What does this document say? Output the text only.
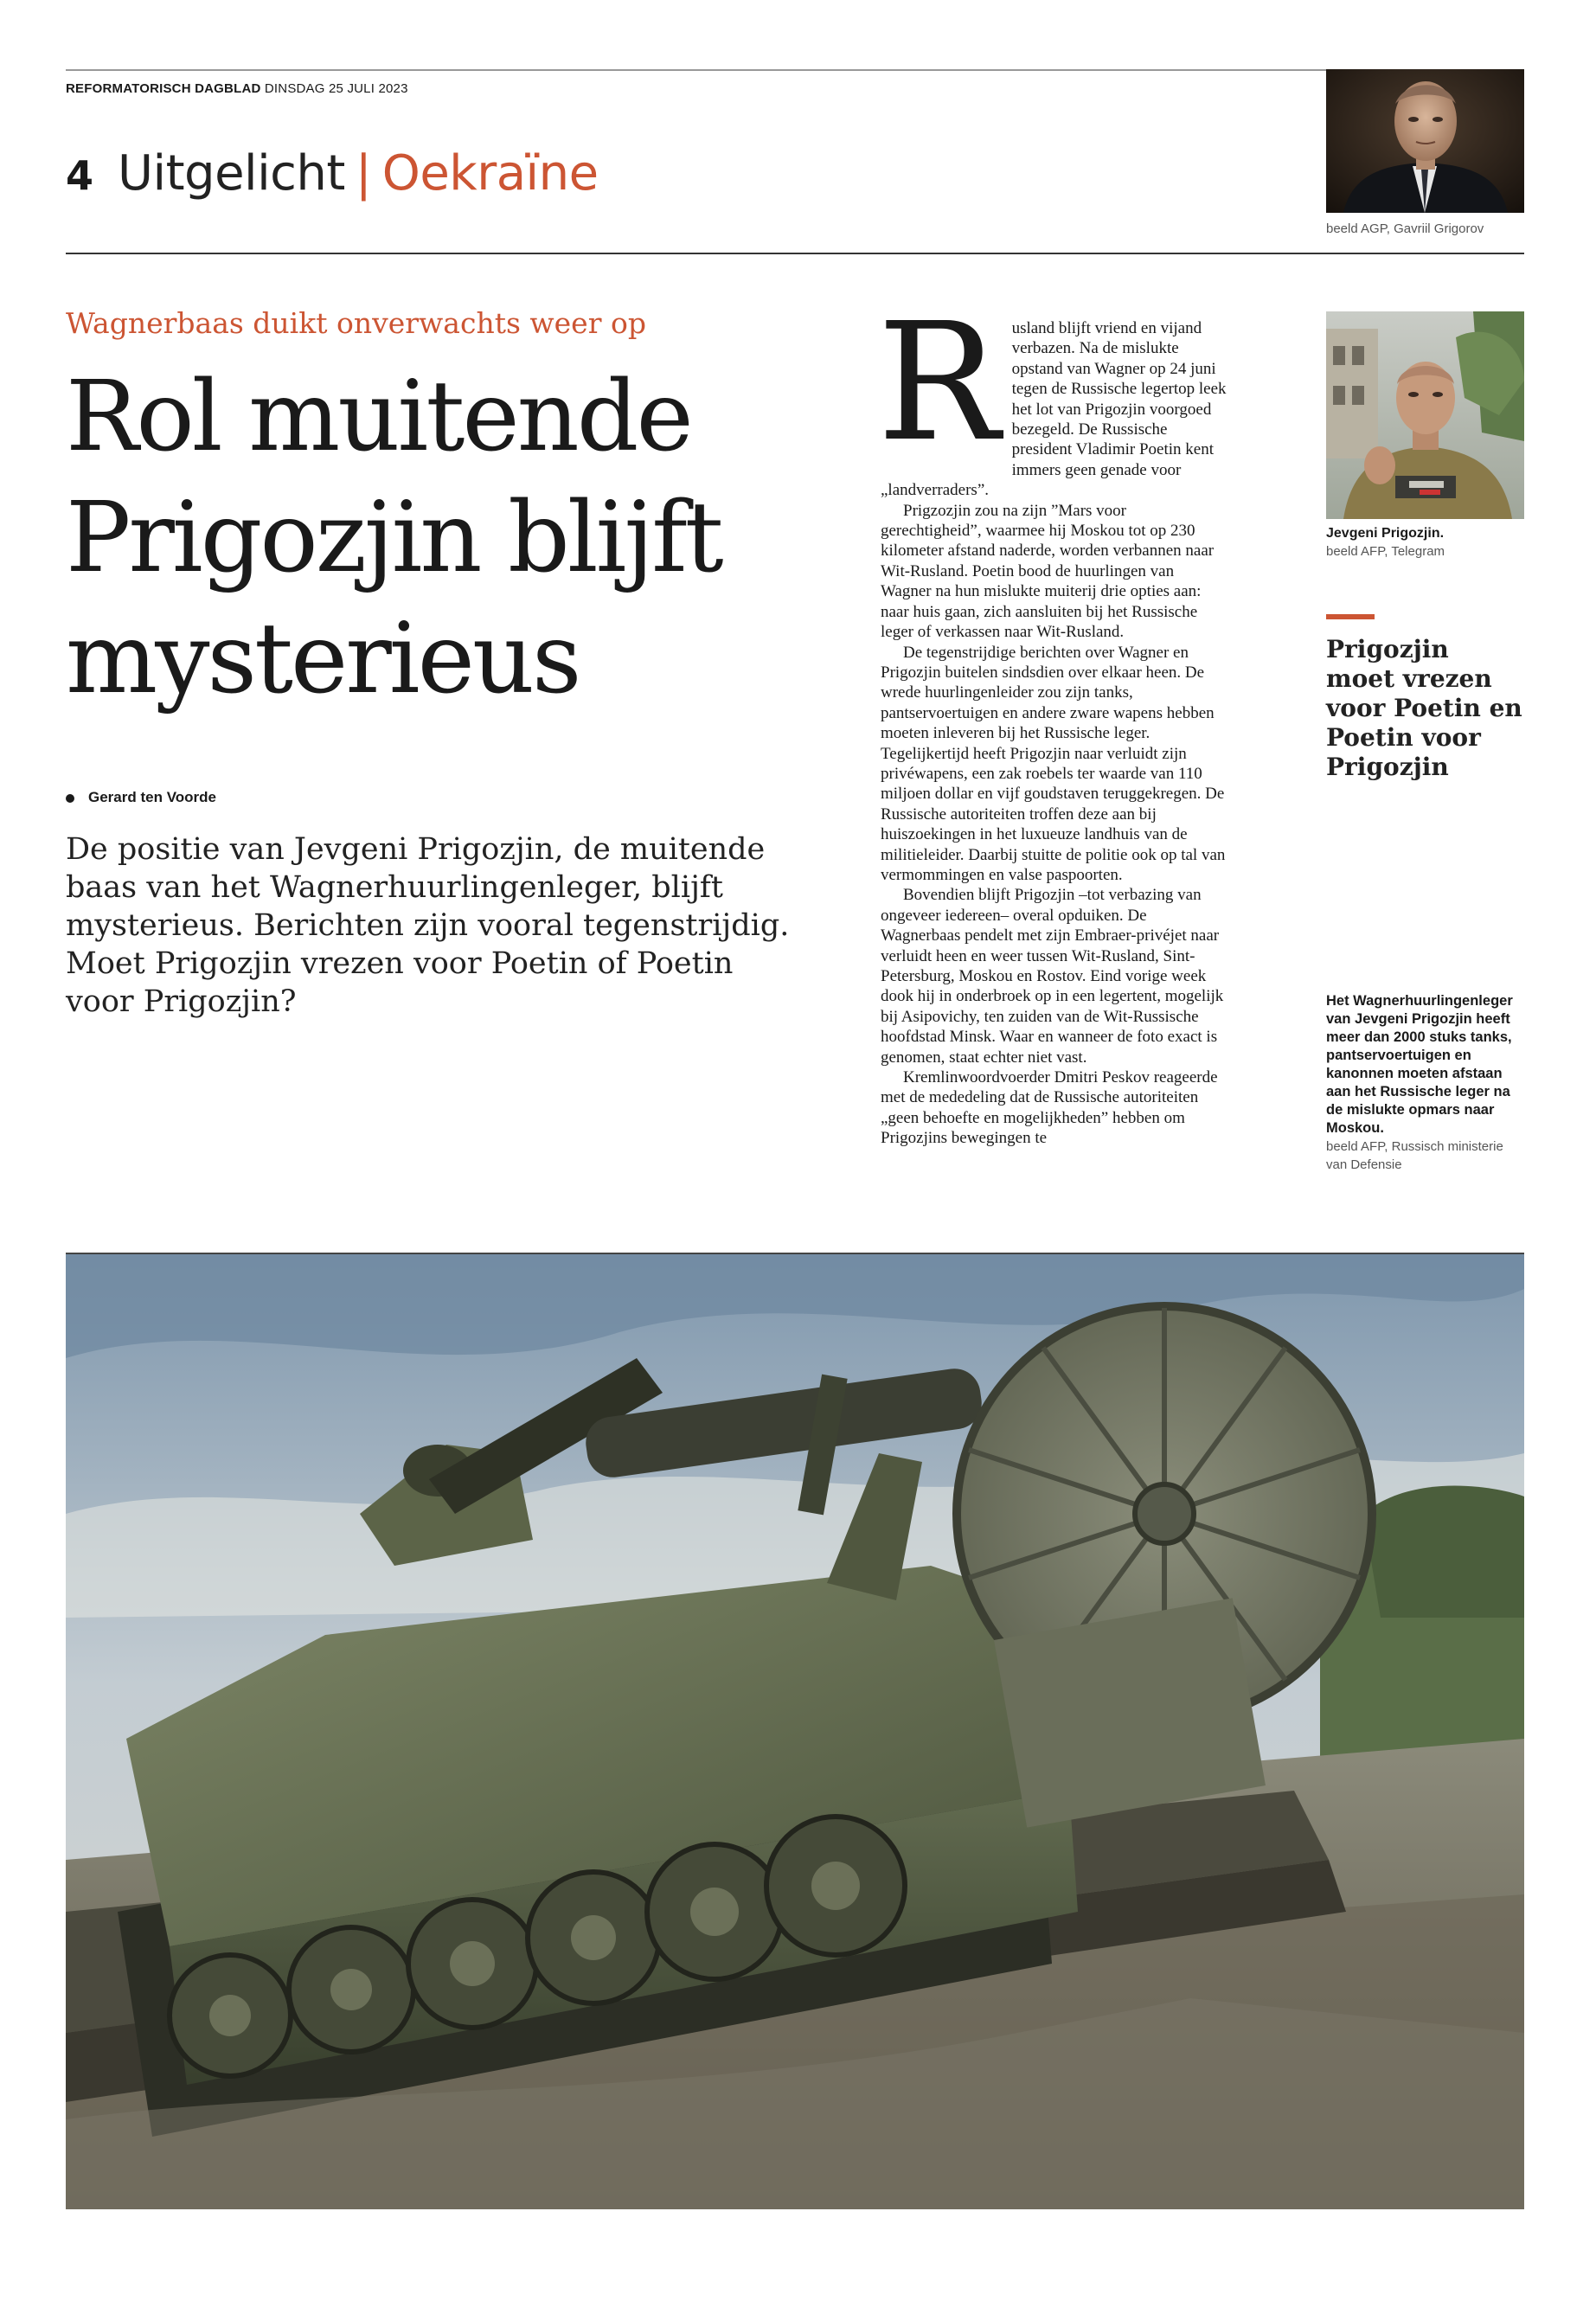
REFORMATORISCH DAGBLAD DINSDAG 25 JULI 2023
4 Uitgelicht | Oekraïne
beeld AGP, Gavriil Grigorov
Wagnerbaas duikt onverwachts weer op
Rol muitende Prigozjin blijft mysterieus
Gerard ten Voorde

De positie van Jevgeni Prigozjin, de muitende baas van het Wagnerhuurlingenleger, blijft mysterieus. Berichten zijn vooral tegenstrijdig. Moet Prigozjin vrezen voor Poetin of Poetin voor Prigozjin?

R usland blijft vriend en vijand verbazen. Na de mislukte opstand van Wagner op 24 juni tegen de Russische legertop leek het lot van Prigozjin voorgoed bezegeld. De Russische president Vladimir Poetin kent immers geen genade voor „landverraders”.

Prigzozjin zou na zijn ”Mars voor gerechtigheid”, waarmee hij Moskou tot op 230 kilometer afstand naderde, worden verbannen naar Wit-Rusland. Poetin bood de huurlingen van Wagner na hun mislukte muiterij drie opties aan: naar huis gaan, zich aansluiten bij het Russische leger of verkassen naar Wit-Rusland.

De tegenstrijdige berichten over Wagner en Prigozjin buitelen sindsdien over elkaar heen. De wrede huurlingenleider zou zijn tanks, pantservoertuigen en andere zware wapens hebben moeten inleveren bij het Russische leger. Tegelijkertijd heeft Prigozjin naar verluidt zijn privéwapens, een zak roebels ter waarde van 110 miljoen dollar en vijf goudstaven teruggekregen. De Russische autoriteiten troffen deze aan bij huiszoekingen in het luxueuze landhuis van de militieleider. Daarbij stuitte de politie ook op tal van vermommingen en valse paspoorten.

Bovendien blijft Prigozjin –tot verbazing van ongeveer iedereen– overal opduiken. De Wagnerbaas pendelt met zijn Embraer-privéjet naar verluidt heen en weer tussen Wit-Rusland, Sint-Petersburg, Moskou en Rostov. Eind vorige week dook hij in onderbroek op in een legertent, mogelijk bij Asipovichy, ten zuiden van de Wit-Russische hoofdstad Minsk. Waar en wanneer de foto exact is genomen, staat echter niet vast.

Kremlinwoordvoerder Dmitri Peskov reageerde met de mededeling dat de Russische autoriteiten „geen behoefte en mogelijkheden” hebben om Prigozjins bewegingen te

Jevgeni Prigozjin.
beeld AFP, Telegram
Prigozjin moet vrezen voor Poetin en Poetin voor Prigozjin
Het Wagnerhuurlingenleger van Jevgeni Prigozjin heeft meer dan 2000 stuks tanks, pantservoertuigen en kanonnen moeten afstaan aan het Russische leger na de mislukte opmars naar Moskou.
beeld AFP, Russisch ministerie van Defensie
